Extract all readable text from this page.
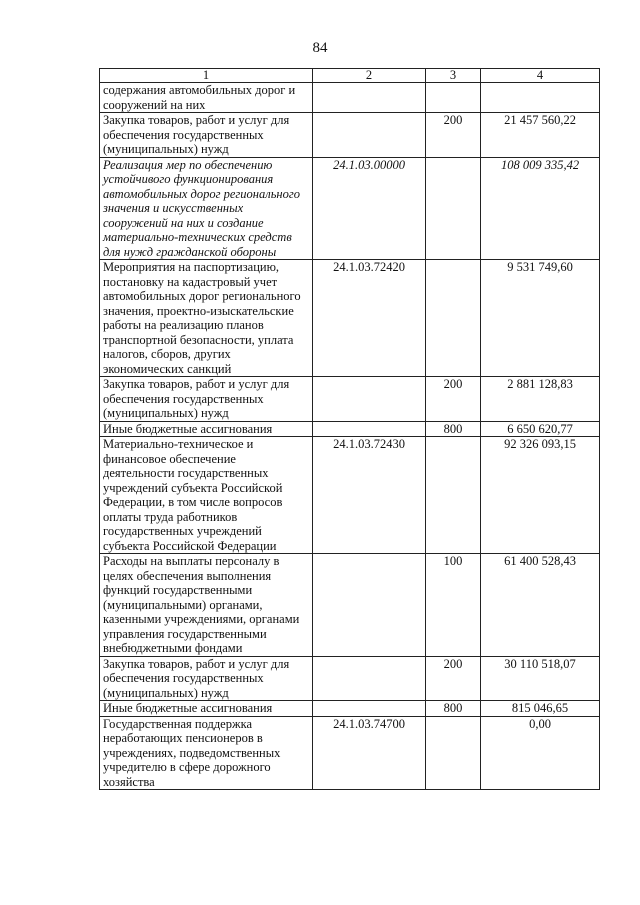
84
1	2	3	4
содержания автомобильных дорог и сооружений на них			
Закупка товаров, работ и услуг для обеспечения государственных (муниципальных) нужд		200	21 457 560,22
Реализация мер по обеспечению устойчивого функционирования автомобильных дорог регионального значения и искусственных сооружений на них и создание материально-технических средств для нужд гражданской обороны	24.1.03.00000		108 009 335,42
Мероприятия на паспортизацию, постановку на кадастровый учет автомобильных дорог регионального значения, проектно-изыскательские работы на реализацию планов транспортной безопасности, уплата налогов, сборов, других экономических санкций	24.1.03.72420		9 531 749,60
Закупка товаров, работ и услуг для обеспечения государственных (муниципальных) нужд		200	2 881 128,83
Иные бюджетные ассигнования		800	6 650 620,77
Материально-техническое и финансовое обеспечение деятельности государственных учреждений субъекта Российской Федерации, в том числе вопросов оплаты труда работников государственных учреждений субъекта Российской Федерации	24.1.03.72430		92 326 093,15
Расходы на выплаты персоналу в целях обеспечения выполнения функций государственными (муниципальными) органами, казенными учреждениями, органами управления государственными внебюджетными фондами		100	61 400 528,43
Закупка товаров, работ и услуг для обеспечения государственных (муниципальных) нужд		200	30 110 518,07
Иные бюджетные ассигнования		800	815 046,65
Государственная поддержка неработающих пенсионеров в учреждениях, подведомственных учредителю в сфере дорожного хозяйства	24.1.03.74700		0,00
